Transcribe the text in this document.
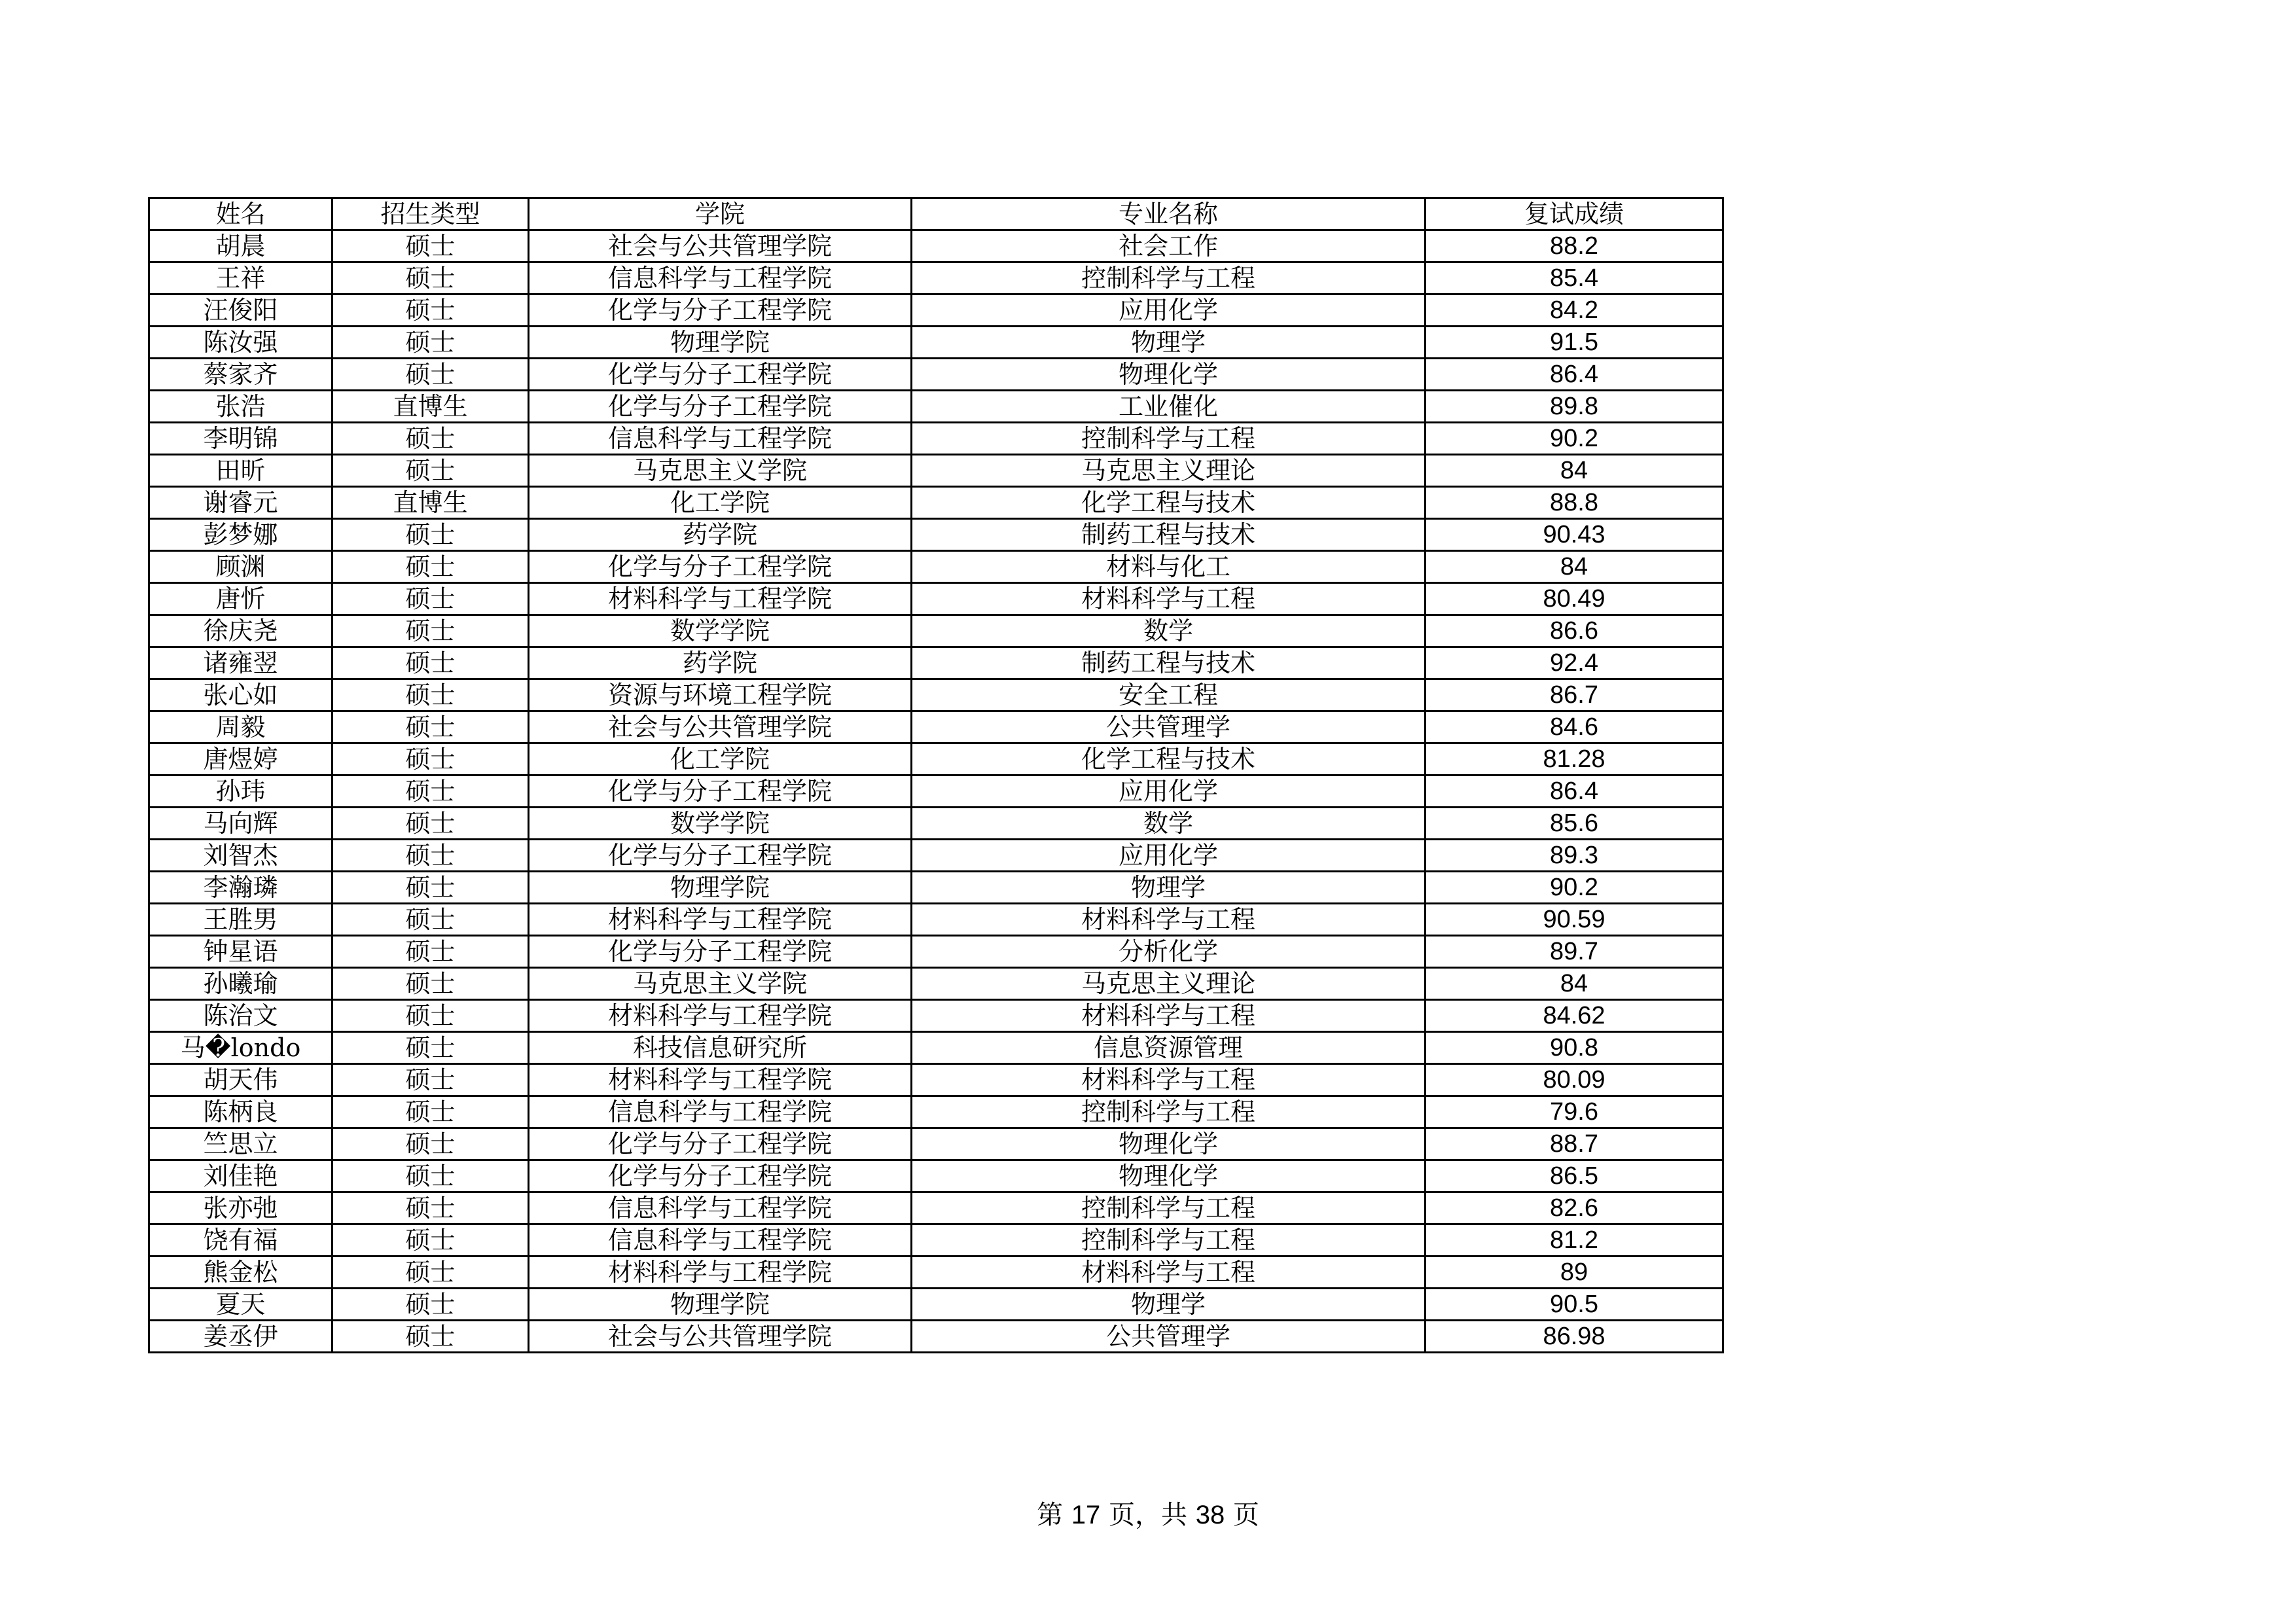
姓名	招生类型	学院	专业名称	复试成绩
胡晨	硕士	社会与公共管理学院	社会工作	88.2
王祥	硕士	信息科学与工程学院	控制科学与工程	85.4
汪俊阳	硕士	化学与分子工程学院	应用化学	84.2
陈汝强	硕士	物理学院	物理学	91.5
蔡家齐	硕士	化学与分子工程学院	物理化学	86.4
张浩	直博生	化学与分子工程学院	工业催化	89.8
李明锦	硕士	信息科学与工程学院	控制科学与工程	90.2
田昕	硕士	马克思主义学院	马克思主义理论	84
谢睿元	直博生	化工学院	化学工程与技术	88.8
彭梦娜	硕士	药学院	制药工程与技术	90.43
顾渊	硕士	化学与分子工程学院	材料与化工	84
唐忻	硕士	材料科学与工程学院	材料科学与工程	80.49
徐庆尧	硕士	数学学院	数学	86.6
诸雍翌	硕士	药学院	制药工程与技术	92.4
张心如	硕士	资源与环境工程学院	安全工程	86.7
周毅	硕士	社会与公共管理学院	公共管理学	84.6
唐煜婷	硕士	化工学院	化学工程与技术	81.28
孙玮	硕士	化学与分子工程学院	应用化学	86.4
马向辉	硕士	数学学院	数学	85.6
刘智杰	硕士	化学与分子工程学院	应用化学	89.3
李瀚璘	硕士	物理学院	物理学	90.2
王胜男	硕士	材料科学与工程学院	材料科学与工程	90.59
钟星语	硕士	化学与分子工程学院	分析化学	89.7
孙曦瑜	硕士	马克思主义学院	马克思主义理论	84
陈治文	硕士	材料科学与工程学院	材料科学与工程	84.62
马�londo	硕士	科技信息研究所	信息资源管理	90.8
胡天伟	硕士	材料科学与工程学院	材料科学与工程	80.09
陈柄良	硕士	信息科学与工程学院	控制科学与工程	79.6
竺思立	硕士	化学与分子工程学院	物理化学	88.7
刘佳艳	硕士	化学与分子工程学院	物理化学	86.5
张亦弛	硕士	信息科学与工程学院	控制科学与工程	82.6
饶有福	硕士	信息科学与工程学院	控制科学与工程	81.2
熊金松	硕士	材料科学与工程学院	材料科学与工程	89
夏天	硕士	物理学院	物理学	90.5
姜丞伊	硕士	社会与公共管理学院	公共管理学	86.98
第 17 页，共 38 页
